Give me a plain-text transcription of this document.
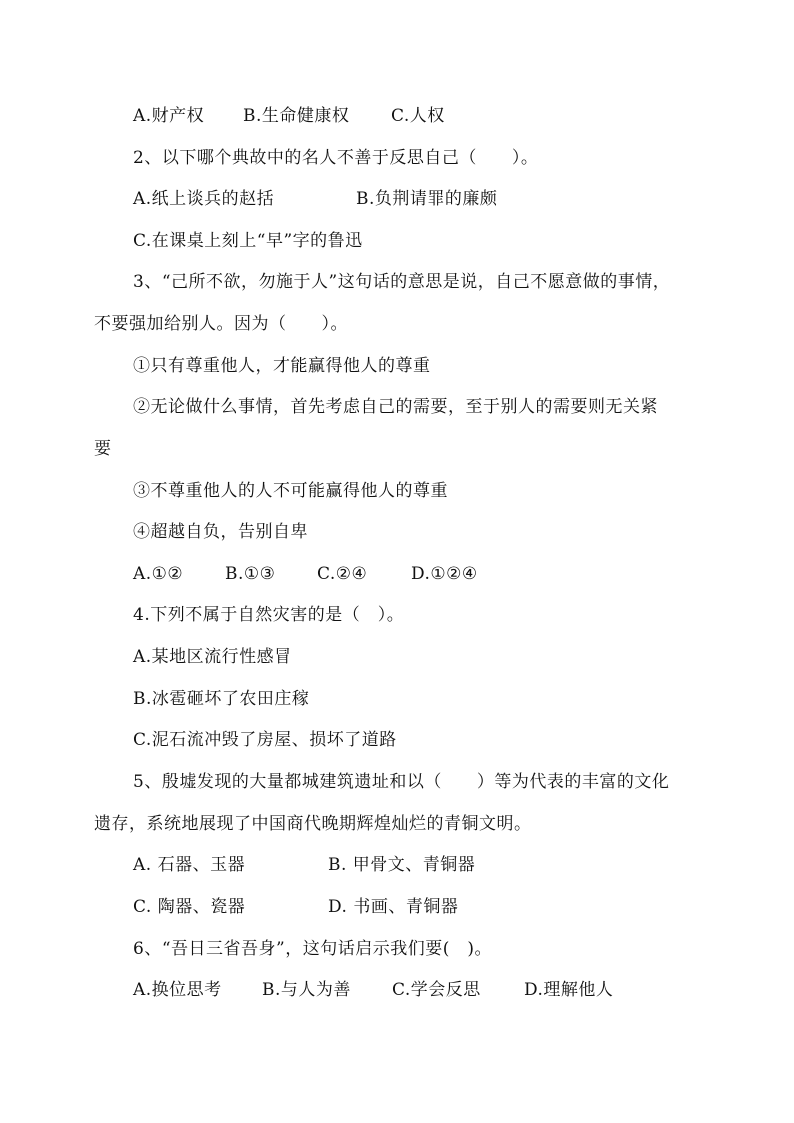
A.财产权 B.生命健康权 C.人权
2、以下哪个典故中的名人不善于反思自己（　　）。
A.纸上谈兵的赵括	B.负荆请罪的廉颇
C.在课桌上刻上“早”字的鲁迅
3、“己所不欲，勿施于人”这句话的意思是说，自己不愿意做的事情，
不要强加给别人。因为（　　）。
①只有尊重他人，才能赢得他人的尊重
②无论做什么事情，首先考虑自己的需要，至于别人的需要则无关紧
要
③不尊重他人的人不可能赢得他人的尊重
④超越自负，告别自卑
A.①② B.①③ C.②④	D.①②④
4.下列不属于自然灾害的是（　）。
A.某地区流行性感冒
B.冰雹砸坏了农田庄稼
C.泥石流冲毁了房屋、损坏了道路
5、殷墟发现的大量都城建筑遗址和以（　　）等为代表的丰富的文化
遗存，系统地展现了中国商代晚期辉煌灿烂的青铜文明。
A. 石器、玉器	B. 甲骨文、青铜器
C. 陶器、瓷器	D. 书画、青铜器
6、“吾日三省吾身”，这句话启示我们要(　)。
A.换位思考 B.与人为善 C.学会反思	D.理解他人
